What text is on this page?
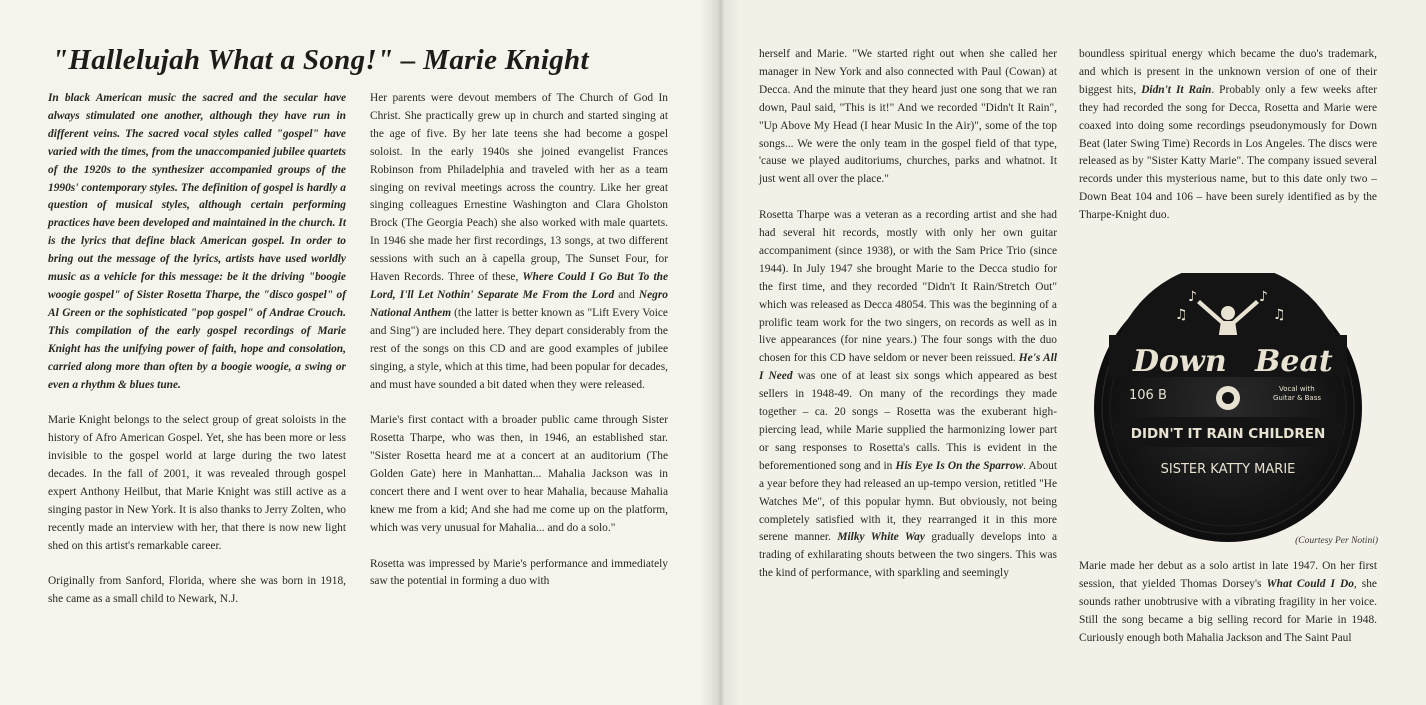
"Hallelujah What a Song!" – Marie Knight

In black American music the sacred and the secular have always stimulated one another, although they have run in different veins. The sacred vocal styles called "gospel" have varied with the times, from the unaccompanied jubilee quartets of the 1920s to the synthesizer accompanied groups of the 1990s' contemporary styles. The definition of gospel is hardly a question of musical styles, although certain performing practices have been developed and maintained in the church. It is the lyrics that define black American gospel. In order to bring out the message of the lyrics, artists have used worldly music as a vehicle for this message: be it the driving "boogie woogie gospel" of Sister Rosetta Tharpe, the "disco gospel" of Al Green or the sophisticated "pop gospel" of Andrae Crouch. This compilation of the early gospel recordings of Marie Knight has the unifying power of faith, hope and consolation, carried along more than often by a boogie woogie, a swing or even a rhythm & blues tune.

Marie Knight belongs to the select group of great soloists in the history of Afro American Gospel. Yet, she has been more or less invisible to the gospel world at large during the two latest decades. In the fall of 2001, it was revealed through gospel expert Anthony Heilbut, that Marie Knight was still active as a singing pastor in New York. It is also thanks to Jerry Zolten, who recently made an interview with her, that there is now new light shed on this artist's remarkable career.

Originally from Sanford, Florida, where she was born in 1918, she came as a small child to Newark, N.J.

Her parents were devout members of The Church of God In Christ. She practically grew up in church and started singing at the age of five. By her late teens she had become a gospel soloist. In the early 1940s she joined evangelist Frances Robinson from Philadelphia and traveled with her as a team singing on revival meetings across the country. Like her great singing colleagues Ernestine Washington and Clara Gholston Brock (The Georgia Peach) she also worked with male quartets. In 1946 she made her first recordings, 13 songs, at two different sessions with such an à capella group, The Sunset Four, for Haven Records. Three of these, Where Could I Go But To the Lord, I'll Let Nothin' Separate Me From the Lord and Negro National Anthem (the latter is better known as "Lift Every Voice and Sing") are included here. They depart considerably from the rest of the songs on this CD and are good examples of jubilee singing, a style, which at this time, had been popular for decades, and must have sounded a bit dated when they were released.

Marie's first contact with a broader public came through Sister Rosetta Tharpe, who was then, in 1946, an established star. "Sister Rosetta heard me at a concert at an auditorium (The Golden Gate) here in Manhattan... Mahalia Jackson was in concert there and I went over to hear Mahalia, because Mahalia knew me from a kid; And she had me come up on the platform, which was very unusual for Mahalia... and do a solo."

Rosetta was impressed by Marie's performance and immediately saw the potential in forming a duo with

herself and Marie. "We started right out when she called her manager in New York and also connected with Paul (Cowan) at Decca. And the minute that they heard just one song that we ran down, Paul said, "This is it!" And we recorded "Didn't It Rain", "Up Above My Head (I hear Music In the Air)", some of the top songs... We were the only team in the gospel field of that type, 'cause we played auditoriums, churches, parks and whatnot. It just went all over the place."

Rosetta Tharpe was a veteran as a recording artist and she had had several hit records, mostly with only her own guitar accompaniment (since 1938), or with the Sam Price Trio (since 1944). In July 1947 she brought Marie to the Decca studio for the first time, and they recorded "Didn't It Rain/Stretch Out" which was released as Decca 48054. This was the beginning of a prolific team work for the two singers, on records as well as in live appearances (for nine years.) The four songs with the duo chosen for this CD have seldom or never been reissued. He's All I Need was one of at least six songs which appeared as best sellers in 1948-49. On many of the recordings they made together – ca. 20 songs – Rosetta was the exuberant high-piercing lead, while Marie supplied the harmonizing lower part or sang responses to Rosetta's calls. This is evident in the beforementioned song and in His Eye Is On the Sparrow. About a year before they had released an up-tempo version, retitled "He Watches Me", of this popular hymn. But obviously, not being completely satisfied with it, they rearranged it in this more serene manner. Milky White Way gradually develops into a trading of exhilarating shouts between the two singers. This was the kind of performance, with sparkling and seemingly

boundless spiritual energy which became the duo's trademark, and which is present in the unknown version of one of their biggest hits, Didn't It Rain. Probably only a few weeks after they had recorded the song for Decca, Rosetta and Marie were coaxed into doing some recordings pseudonymously for Down Beat (later Swing Time) Records in Los Angeles. The discs were released as by "Sister Katty Marie". The company issued several records under this mysterious name, but to this date only two – Down Beat 104 and 106 – have been surely identified as by the Tharpe-Knight duo.

♪
♫
♪
♫
Down Beat
106 B	Vocal with
Guitar & Bass
DIDN'T IT RAIN CHILDREN
SISTER KATTY MARIE

(Courtesy Per Notini)

Marie made her debut as a solo artist in late 1947. On her first session, that yielded Thomas Dorsey's What Could I Do, she sounds rather unobtrusive with a vibrating fragility in her voice. Still the song became a big selling record for Marie in 1948. Curiously enough both Mahalia Jackson and The Saint Paul
